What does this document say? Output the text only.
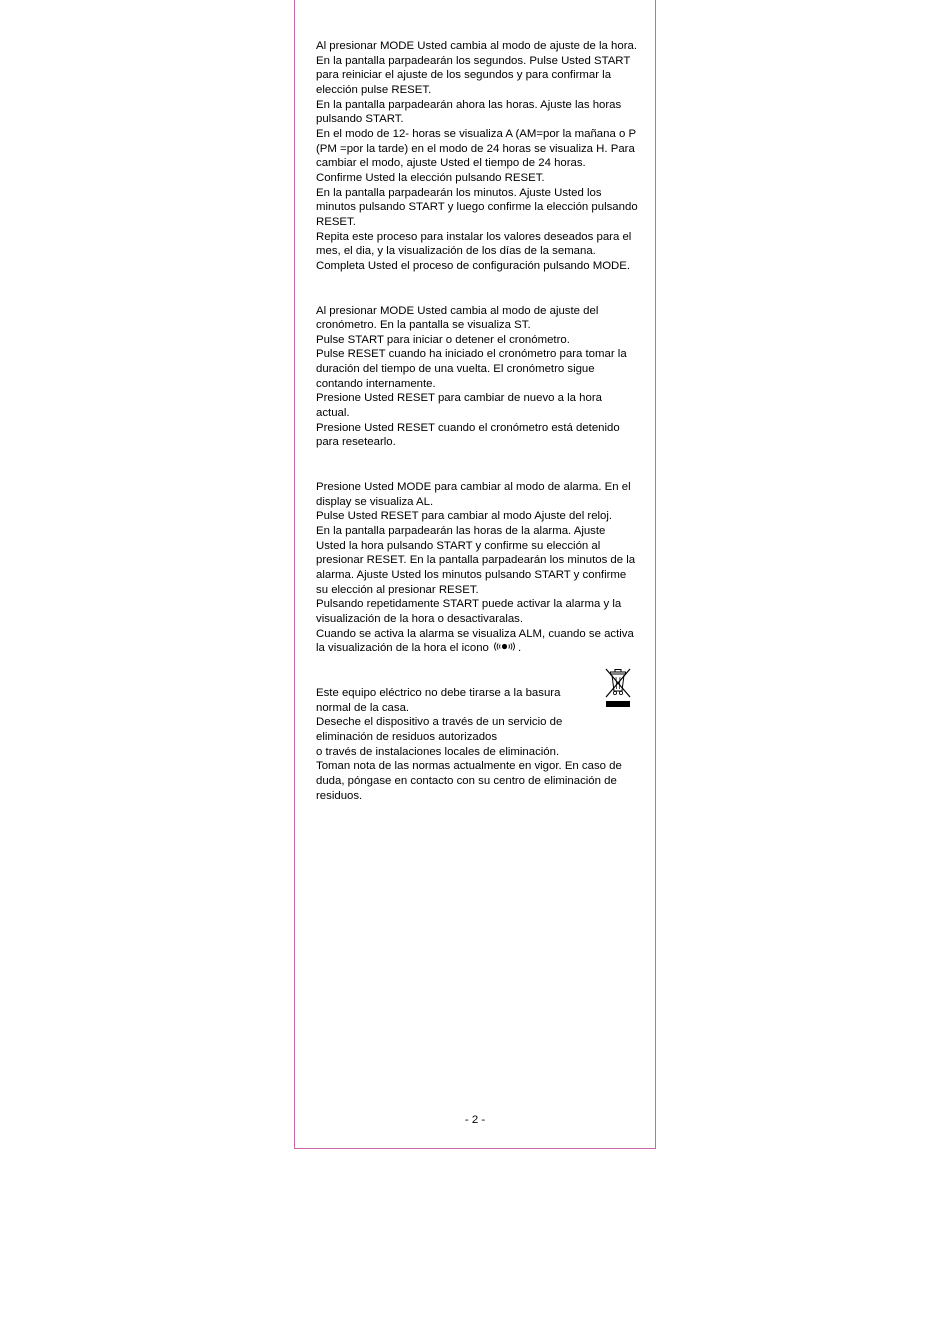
Al presionar MODE Usted cambia al modo de ajuste de la hora.

En la pantalla parpadearán los segundos. Pulse Usted START para reiniciar el ajuste de los segundos y para confirmar la elección pulse RESET.

En la pantalla parpadearán ahora las horas. Ajuste las horas pulsando START.

En el modo de 12- horas se visualiza A (AM=por la mañana o P (PM =por la tarde) en el modo de 24 horas se visualiza H. Para cambiar el modo, ajuste Usted el tiempo de 24 horas.

Confirme Usted la elección pulsando RESET.

En la pantalla parpadearán los minutos. Ajuste Usted los minutos pulsando START y luego confirme la elección pulsando RESET.

Repita este proceso para instalar los valores deseados para el mes, el dia, y la visualización de los días de la semana.

Completa Usted el proceso de configuración pulsando MODE.

Al presionar MODE Usted cambia al modo de ajuste del cronómetro. En la pantalla se visualiza ST.

Pulse START para iniciar o detener el cronómetro.

Pulse RESET cuando ha iniciado el cronómetro para tomar la duración del tiempo de una vuelta. El cronómetro sigue contando internamente.

Presione Usted RESET para cambiar de nuevo a la hora actual.

Presione Usted RESET cuando el cronómetro está detenido para resetearlo.

Presione Usted MODE para cambiar al modo de alarma. En el display se visualiza AL.

Pulse Usted RESET para cambiar al modo Ajuste del reloj.

En la pantalla parpadearán las horas de la alarma. Ajuste Usted la hora pulsando START y confirme su elección al presionar RESET. En la pantalla parpadearán los minutos de la alarma. Ajuste Usted los minutos pulsando START y confirme su elección al presionar RESET.

Pulsando repetidamente START puede activar la alarma y la visualización de la hora o desactivaralas.

Cuando se activa la alarma se visualiza ALM, cuando se activa la visualización de la hora el icono	.

Este equipo eléctrico no debe tirarse a la basura normal de la casa.

Deseche el dispositivo a través de un servicio de eliminación de residuos autorizados

o través de instalaciones locales de eliminación.

Toman nota de las normas actualmente en vigor. En caso de duda, póngase en contacto con su centro de eliminación de residuos.

- 2 -
